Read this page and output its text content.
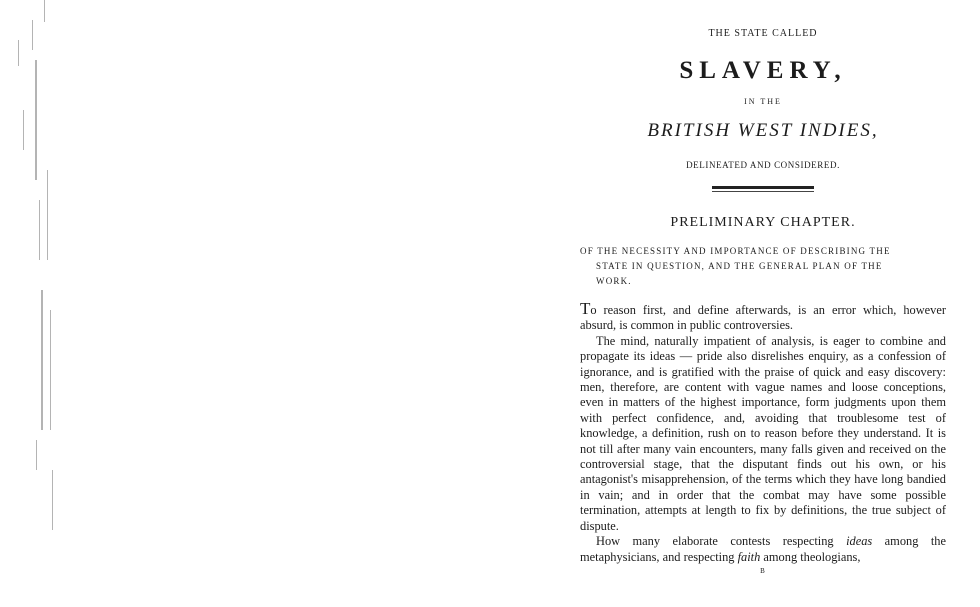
THE STATE CALLED

SLAVERY,

IN THE

BRITISH WEST INDIES,

DELINEATED AND CONSIDERED.

PRELIMINARY CHAPTER.

OF THE NECESSITY AND IMPORTANCE OF DESCRIBING THE
STATE IN QUESTION, AND THE GENERAL PLAN OF THE
WORK.

To reason first, and define afterwards, is an error which, however absurd, is common in public controversies.

The mind, naturally impatient of analysis, is eager to combine and propagate its ideas — pride also disrelishes enquiry, as a confession of ignorance, and is gratified with the praise of quick and easy discovery: men, therefore, are content with vague names and loose conceptions, even in matters of the highest importance, form judgments upon them with perfect confidence, and, avoiding that troublesome test of knowledge, a definition, rush on to reason before they understand. It is not till after many vain encounters, many falls given and received on the controversial stage, that the disputant finds out his own, or his antagonist's misapprehension, of the terms which they have long bandied in vain; and in order that the combat may have some possible termination, attempts at length to fix by definitions, the true subject of dispute.

How many elaborate contests respecting ideas among the metaphysicians, and respecting faith among theologians,

B
